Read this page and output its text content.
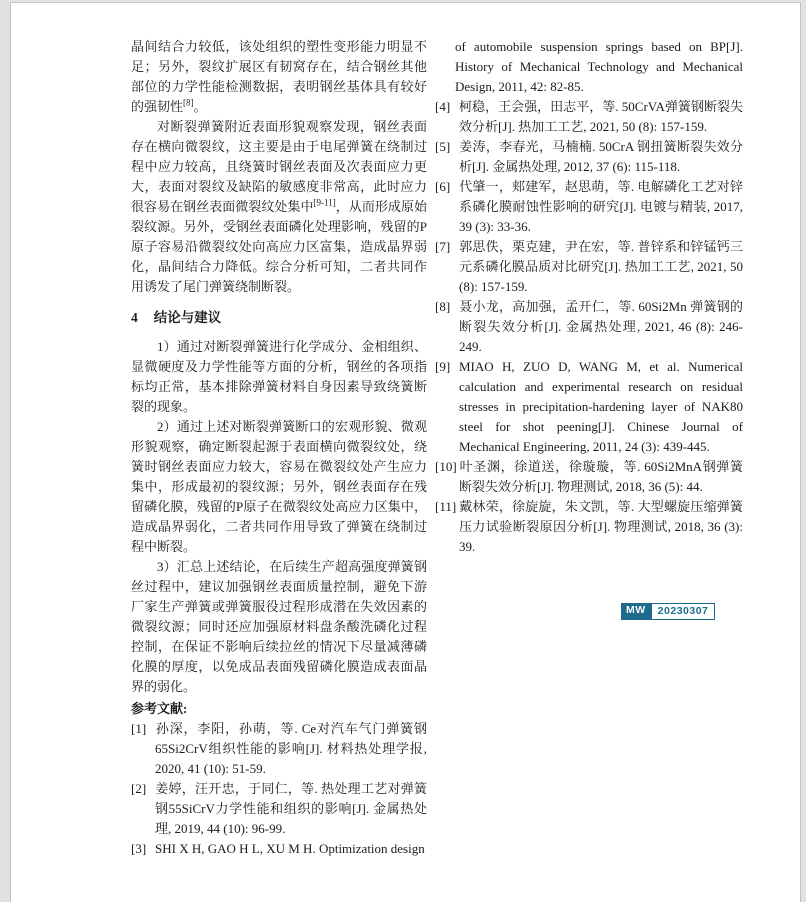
晶间结合力较低，该处组织的塑性变形能力明显不足；另外，裂纹扩展区有韧窝存在，结合钢丝其他部位的力学性能检测数据，表明钢丝基体具有较好的强韧性[8]。

对断裂弹簧附近表面形貌观察发现，钢丝表面存在横向微裂纹，这主要是由于电尾弹簧在绕制过程中应力较高，且绕簧时钢丝表面及次表面应力更大，表面对裂纹及缺陷的敏感度非常高，此时应力很容易在钢丝表面微裂纹处集中[9-11]，从而形成原始裂纹源。另外，受钢丝表面磷化处理影响，残留的P原子容易沿微裂纹处向高应力区富集，造成晶界弱化，晶间结合力降低。综合分析可知，二者共同作用诱发了尾门弹簧绕制断裂。

4 结论与建议

1）通过对断裂弹簧进行化学成分、金相组织、显微硬度及力学性能等方面的分析，钢丝的各项指标均正常，基本排除弹簧材料自身因素导致绕簧断裂的现象。

2）通过上述对断裂弹簧断口的宏观形貌、微观形貌观察，确定断裂起源于表面横向微裂纹处，绕簧时钢丝表面应力较大，容易在微裂纹处产生应力集中，形成最初的裂纹源；另外，钢丝表面存在残留磷化膜，残留的P原子在微裂纹处高应力区集中，造成晶界弱化，二者共同作用导致了弹簧在绕制过程中断裂。

3）汇总上述结论，在后续生产超高强度弹簧钢丝过程中，建议加强钢丝表面质量控制，避免下游厂家生产弹簧或弹簧服役过程形成潜在失效因素的微裂纹源；同时还应加强原材料盘条酸洗磷化过程控制，在保证不影响后续拉丝的情况下尽量减薄磷化膜的厚度，以免成品表面残留磷化膜造成表面晶界的弱化。

参考文献:

[1] 孙深，李阳，孙萌，等. Ce对汽车气门弹簧钢65Si2CrV组织性能的影响[J]. 材料热处理学报, 2020, 41 (10): 51-59.

[2] 姜婷，汪开忠，于同仁，等. 热处理工艺对弹簧钢55SiCrV力学性能和组织的影响[J]. 金属热处理, 2019, 44 (10): 96-99.

[3] SHI X H, GAO H L, XU M H. Optimization design

of automobile suspension springs based on BP[J]. History of Mechanical Technology and Mechanical Design, 2011, 42: 82-85.

[4] 柯稳，王会强，田志平，等. 50CrVA弹簧钢断裂失效分析[J]. 热加工工艺, 2021, 50 (8): 157-159.

[5] 姜涛，李春光，马楠楠. 50CrA 钢扭簧断裂失效分析[J]. 金属热处理, 2012, 37 (6): 115-118.

[6] 代肇一，郏建军，赵思萌，等. 电解磷化工艺对锌系磷化膜耐蚀性影响的研究[J]. 电镀与精装, 2017, 39 (3): 33-36.

[7] 郭思佚，栗克建，尹在宏，等. 普锌系和锌锰钙三元系磷化膜品质对比研究[J]. 热加工工艺, 2021, 50 (8): 157-159.

[8] 聂小龙，高加强，孟开仁，等. 60Si2Mn 弹簧钢的断裂失效分析[J]. 金属热处理, 2021, 46 (8): 246-249.

[9] MIAO H, ZUO D, WANG M, et al. Numerical calculation and experimental research on residual stresses in precipitation-hardening layer of NAK80 steel for shot peening[J]. Chinese Journal of Mechanical Engineering, 2011, 24 (3): 439-445.

[10] 叶圣渊，徐道送，徐璇璇，等. 60Si2MnA钢弹簧断裂失效分析[J]. 物理测试, 2018, 36 (5): 44.

[11] 戴林荣，徐旋旋，朱文凯，等. 大型螺旋压缩弹簧压力试验断裂原因分析[J]. 物理测试, 2018, 36 (3): 39.

MW	20230307
